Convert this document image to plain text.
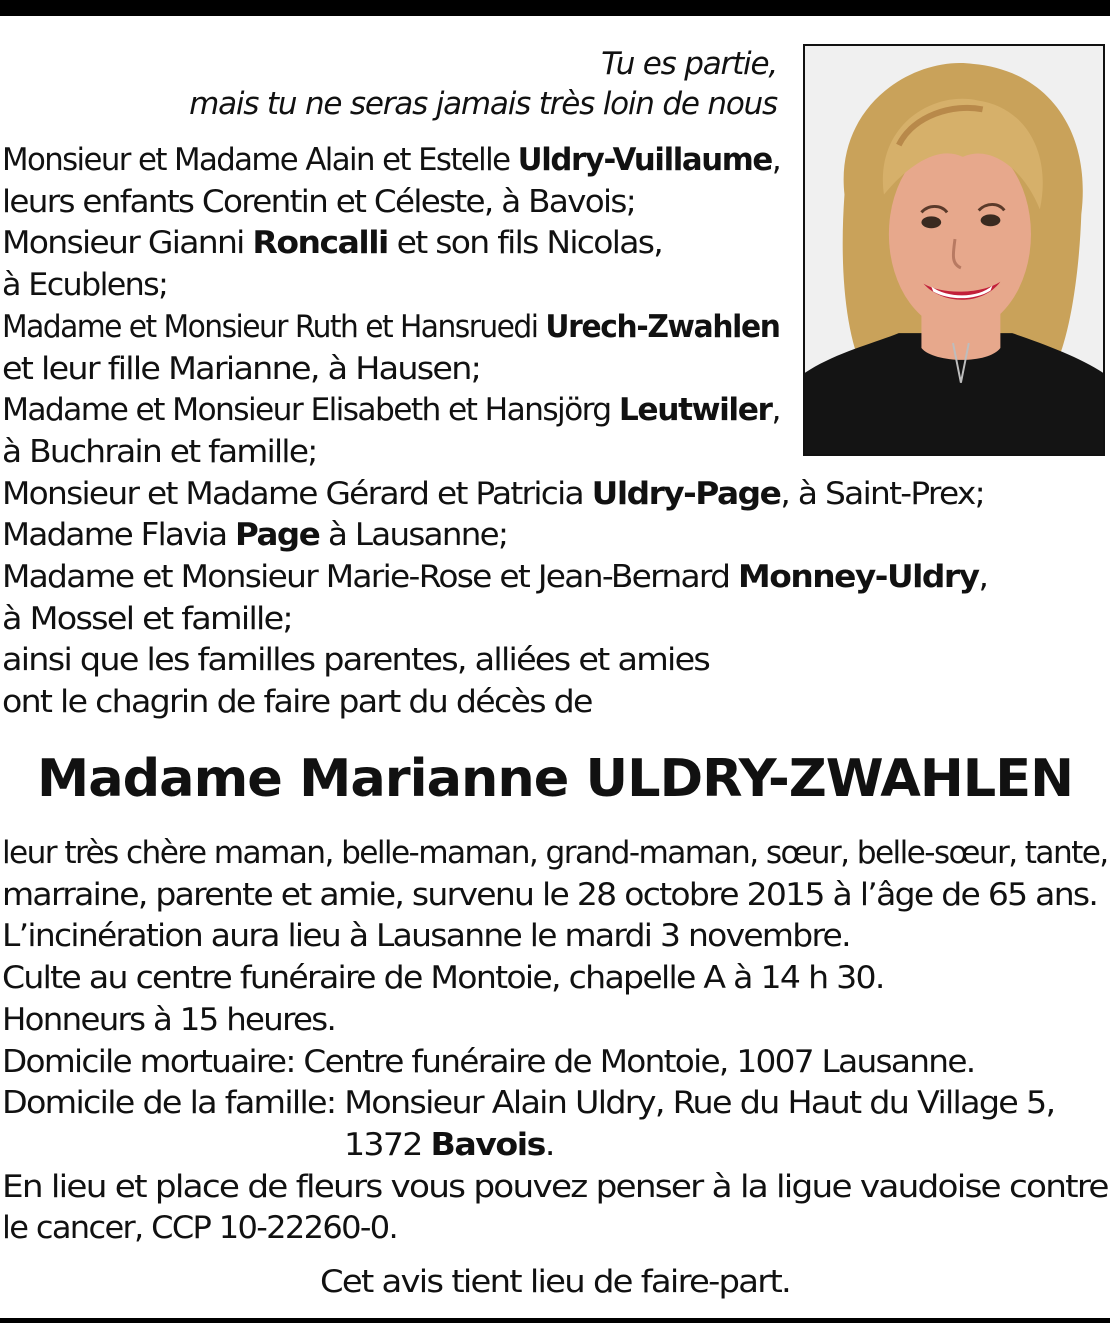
Tu es partie,
mais tu ne seras jamais très loin de nous

Monsieur et Madame Alain et Estelle Uldry-Vuillaume,

leurs enfants Corentin et Céleste, à Bavois;

Monsieur Gianni Roncalli et son fils Nicolas,

à Ecublens;

Madame et Monsieur Ruth et Hansruedi Urech-Zwahlen

et leur fille Marianne, à Hausen;

Madame et Monsieur Elisabeth et Hansjörg Leutwiler,

à Buchrain et famille;

Monsieur et Madame Gérard et Patricia Uldry-Page, à Saint-Prex;

Madame Flavia Page à Lausanne;

Madame et Monsieur Marie-Rose et Jean-Bernard Monney-Uldry,

à Mossel et famille;

ainsi que les familles parentes, alliées et amies

ont le chagrin de faire part du décès de

Madame Marianne ULDRY-ZWAHLEN

leur très chère maman, belle-maman, grand-maman, sœur, belle-sœur, tante,

marraine, parente et amie, survenu le 28 octobre 2015 à l’âge de 65 ans.

L’incinération aura lieu à Lausanne le mardi 3 novembre.

Culte au centre funéraire de Montoie, chapelle A à 14 h 30.

Honneurs à 15 heures.

Domicile mortuaire: Centre funéraire de Montoie, 1007 Lausanne.

Domicile de la famille: Monsieur Alain Uldry, Rue du Haut du Village 5,

1372 Bavois.

En lieu et place de fleurs vous pouvez penser à la ligue vaudoise contre

le cancer, CCP 10-22260-0.

Cet avis tient lieu de faire-part.
